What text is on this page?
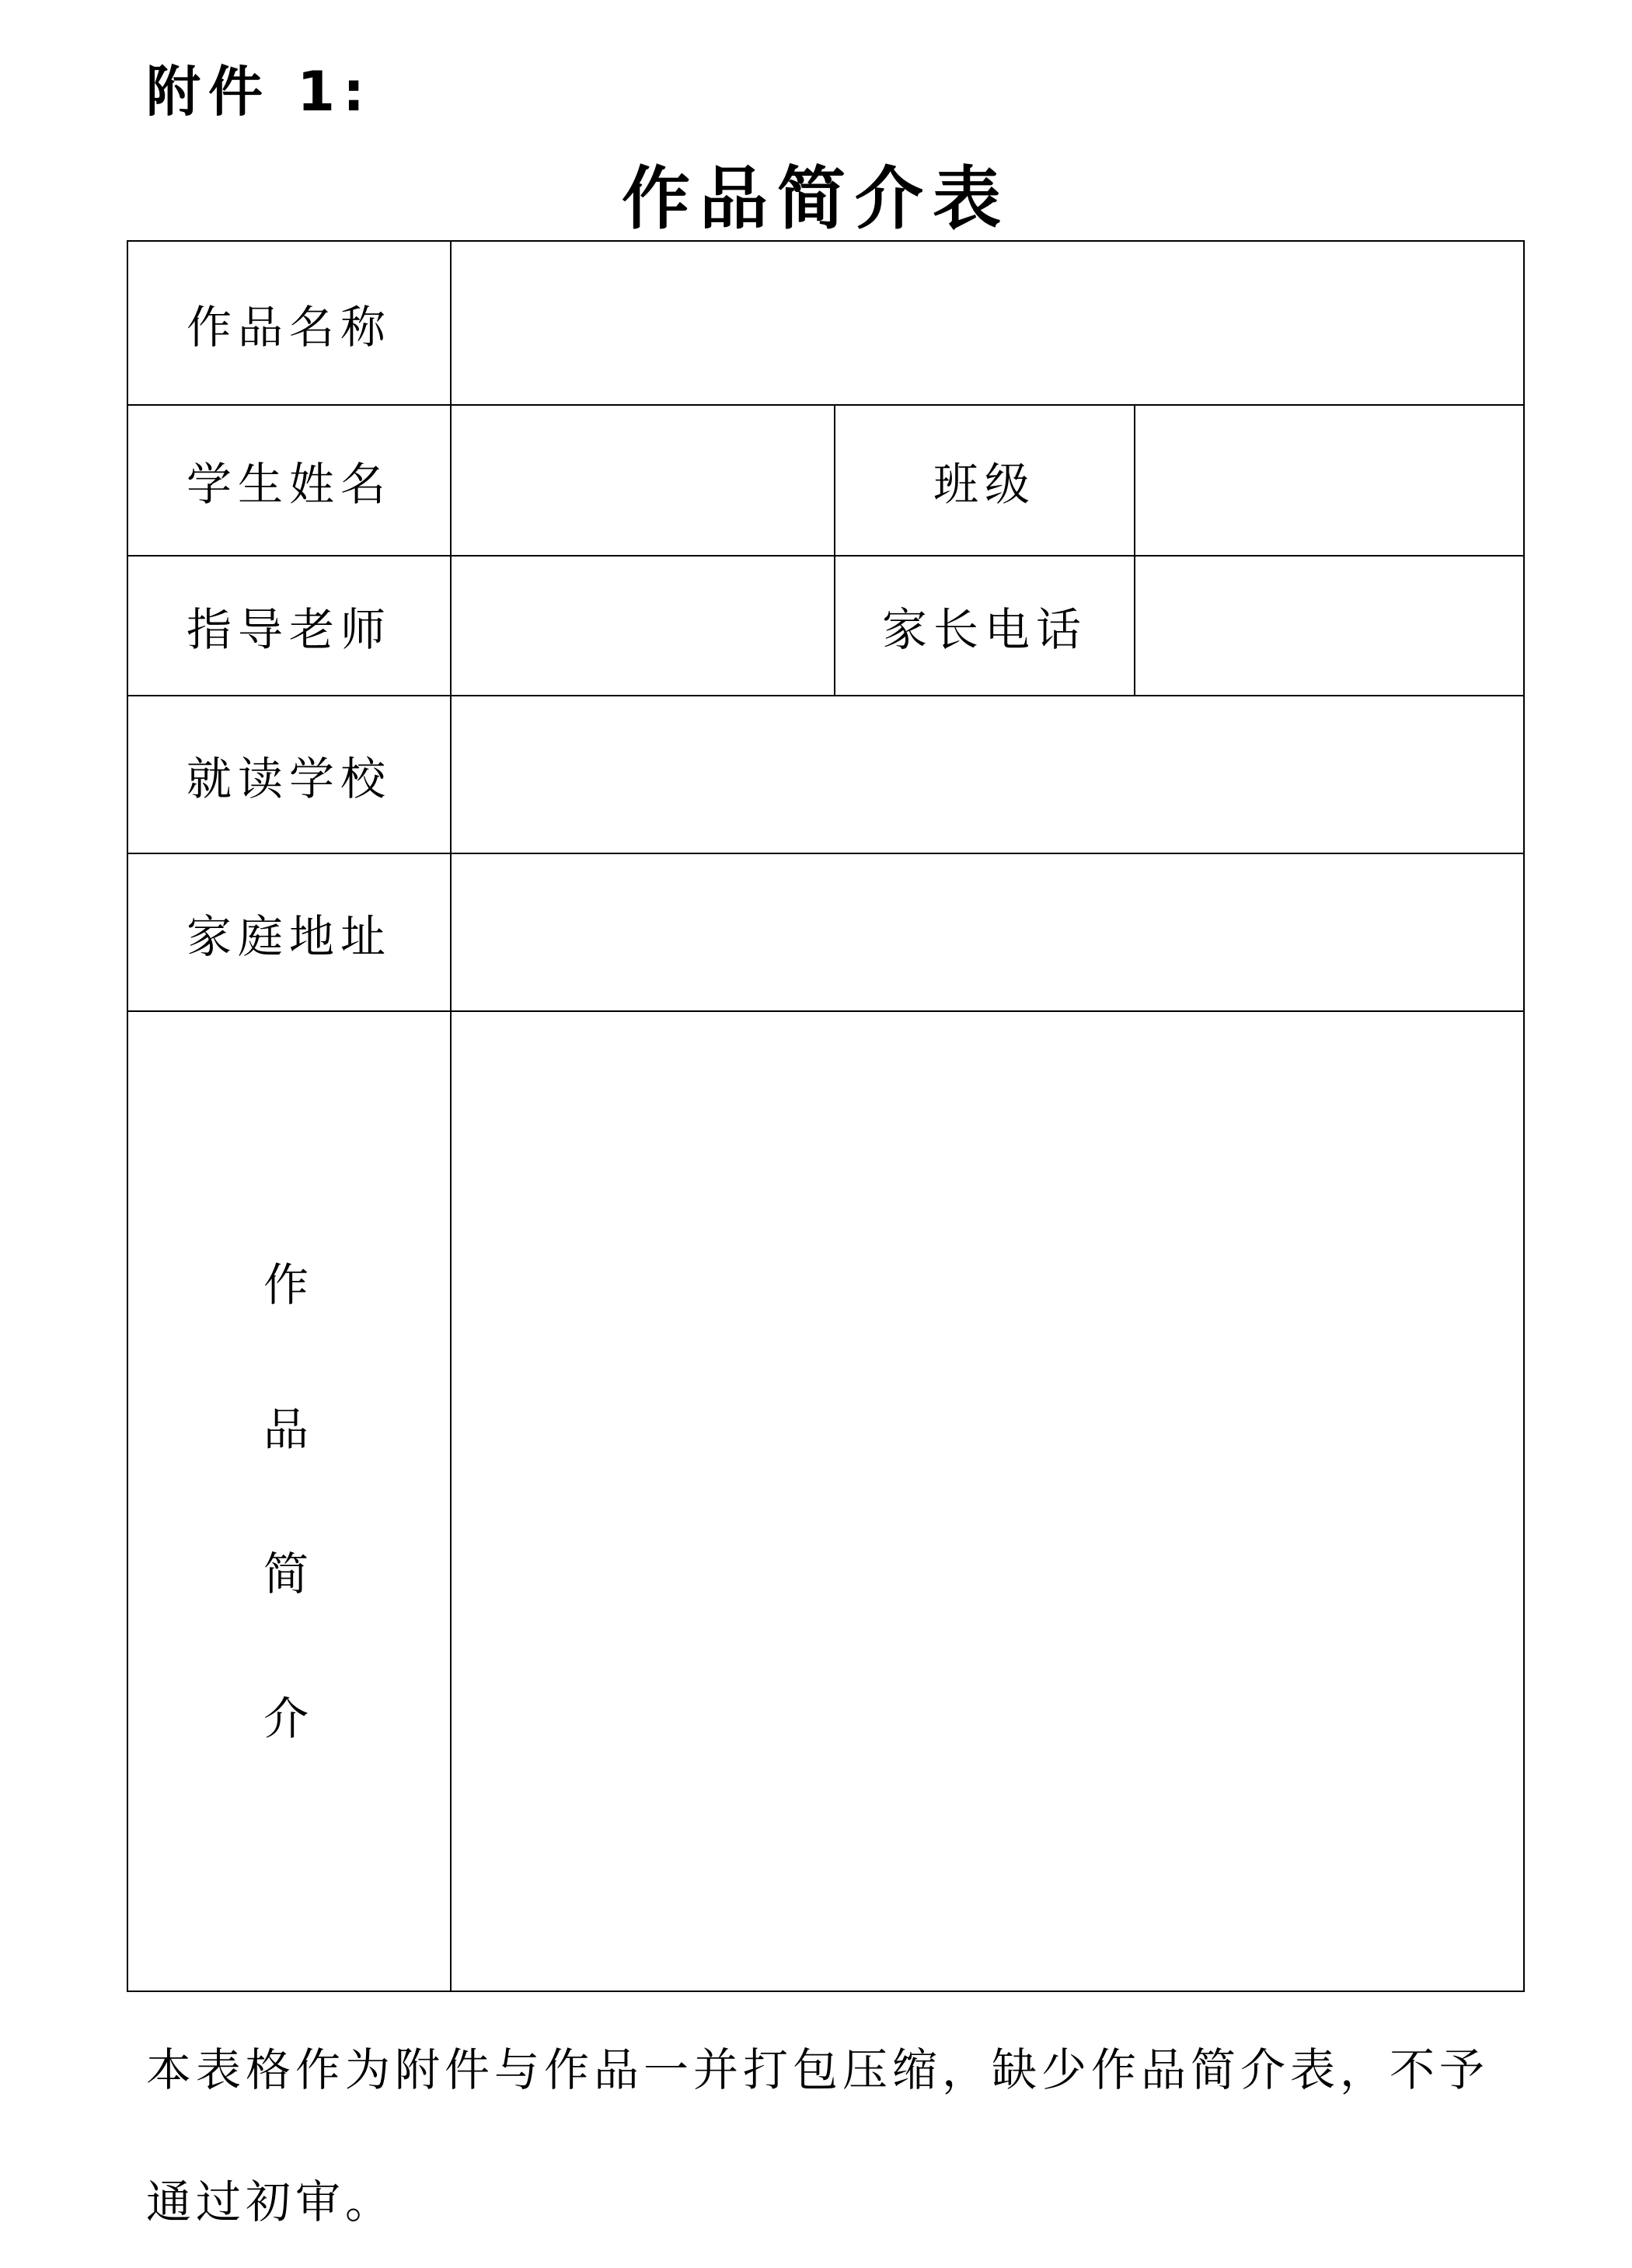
附件 1:
作品简介表
作品名称			
学生姓名		班级	
指导老师		家长电话	
就读学校			
家庭地址			

作
品
简
介			

本表格作为附件与作品一并打包压缩，缺少作品简介表，不予通过初审。
